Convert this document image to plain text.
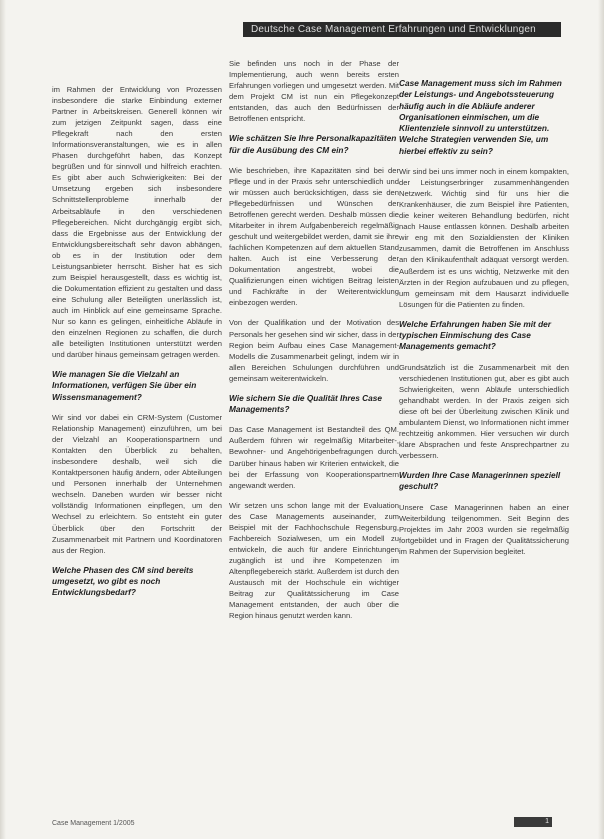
Deutsche Case Management Erfahrungen und Entwicklungen

im Rahmen der Entwicklung von Prozessen insbesondere die starke Einbindung externer Partner in Arbeitskreisen. Generell können wir zum jetzigen Zeitpunkt sagen, dass eine Pflegekraft nach den ersten Informationsveranstaltungen, wie es in allen Phasen durchgeführt haben, das Konzept begrüßen und für sinnvoll und hilfreich erachten. Es gibt aber auch Schwierigkeiten: Bei der Umsetzung ergeben sich insbesondere Schnittstellenprobleme innerhalb der Arbeitsabläufe in den verschiedenen Pflegebereichen. Nicht durchgängig ergibt sich, dass die Ergebnisse aus der Entwicklung der Entwicklungsbereitschaft sehr davon abhängen, ob es in der Institution oder dem Leistungsanbieter herrscht. Bisher hat es sich zum Beispiel herausgestellt, dass es wichtig ist, die Dokumentation effizient zu gestalten und dass eine Schulung aller Beteiligten unerlässlich ist, auch im Hinblick auf eine gemeinsame Sprache. Nur so kann es gelingen, einheitliche Abläufe in den einzelnen Regionen zu schaffen, die durch alle beteiligten Institutionen unterstützt werden und darüber hinaus gemeinsam getragen werden.

Wie managen Sie die Vielzahl an Informationen, verfügen Sie über ein Wissensmanagement?

Wir sind vor dabei ein CRM-System (Customer Relationship Management) einzuführen, um bei der Vielzahl an Kooperationspartnern und Kontakten den Überblick zu behalten, insbesondere deshalb, weil sich die Kontaktpersonen häufig ändern, oder Abteilungen und Personen innerhalb der Unternehmen wechseln. Daneben wurden wir besser nicht vollständig Informationen einpflegen, um den Wechsel zu erleichtern. So entsteht ein guter Überblick über den Fortschritt der Zusammenarbeit mit Partnern und Koordinatoren aus der Region.

Welche Phasen des CM sind bereits umgesetzt, wo gibt es noch Entwicklungsbedarf?

Sie befinden uns noch in der Phase der Implementierung, auch wenn bereits ersten Erfahrungen vorliegen und umgesetzt werden. Mit dem Projekt CM ist nun ein Pflegekonzept entstanden, das auch den Bedürfnissen der Betroffenen entspricht.

Wie schätzen Sie Ihre Personalkapazitäten für die Ausübung des CM ein?

Wie beschrieben, ihre Kapazitäten sind bei der Pflege und in der Praxis sehr unterschiedlich und wir müssen auch berücksichtigen, dass sie den Pflegebedürfnissen und Wünschen der Betroffenen gerecht werden. Deshalb müssen die Mitarbeiter in ihrem Aufgabenbereich regelmäßig geschult und weitergebildet werden, damit sie ihre fachlichen Kompetenzen auf dem aktuellen Stand halten. Auch ist eine Verbesserung der Dokumentation angestrebt, wobei die Qualifizierungen einen wichtigen Beitrag leisten und Fachkräfte in der Weiterentwicklung einbezogen werden.

Von der Qualifikation und der Motivation des Personals her gesehen sind wir sicher, dass in der Region beim Aufbau eines Case Management-Modells die Zusammenarbeit gelingt, indem wir in allen Bereichen Schulungen durchführen und gemeinsam weiterentwickeln.

Wie sichern Sie die Qualität Ihres Case Managements?

Das Case Management ist Bestandteil des QM. Außerdem führen wir regelmäßig Mitarbeiter-, Bewohner- und Angehörigenbefragungen durch. Darüber hinaus haben wir Kriterien entwickelt, die bei der Erfassung von Kooperationspartnern angewandt werden.

Wir setzen uns schon lange mit der Evaluation des Case Managements auseinander, zum Beispiel mit der Fachhochschule Regensburg, Fachbereich Sozialwesen, um ein Modell zu entwickeln, die auch für andere Einrichtungen zugänglich ist und ihre Kompetenzen im Altenpflegebereich stärkt. Außerdem ist durch den Austausch mit der Hochschule ein wichtiger Beitrag zur Qualitätssicherung im Case Management entstanden, der auch über die Region hinaus genutzt werden kann.

Case Management muss sich im Rahmen der Leistungs- und Angebotssteuerung häufig auch in die Abläufe anderer Organisationen einmischen, um die Klientenziele sinnvoll zu unterstützen. Welche Strategien verwenden Sie, um hierbei effektiv zu sein?

Wir sind bei uns immer noch in einem kompakten, der Leistungserbringer zusammenhängenden Netzwerk. Wichtig sind für uns hier die Krankenhäuser, die zum Beispiel ihre Patienten, die keiner weiteren Behandlung bedürfen, nicht nach Hause entlassen können. Deshalb arbeiten wir eng mit den Sozialdiensten der Kliniken zusammen, damit die Betroffenen im Anschluss an den Klinikaufenthalt adäquat versorgt werden. Außerdem ist es uns wichtig, Netzwerke mit den Ärzten in der Region aufzubauen und zu pflegen, um gemeinsam mit dem Hausarzt individuelle Lösungen für die Patienten zu finden.

Welche Erfahrungen haben Sie mit der typischen Einmischung des Case Managements gemacht?

Grundsätzlich ist die Zusammenarbeit mit den verschiedenen Institutionen gut, aber es gibt auch Schwierigkeiten, wenn Abläufe unterschiedlich gehandhabt werden. In der Praxis zeigen sich diese oft bei der Überleitung zwischen Klinik und ambulantem Dienst, wo Informationen nicht immer rechtzeitig ankommen. Hier versuchen wir durch klare Absprachen und feste Ansprechpartner zu verbessern.

Wurden Ihre Case Managerinnen speziell geschult?

Unsere Case Managerinnen haben an einer Weiterbildung teilgenommen. Seit Beginn des Projektes im Jahr 2003 wurden sie regelmäßig fortgebildet und in Fragen der Qualitätssicherung im Rahmen der Supervision begleitet.

Case Management 1/2005	1
